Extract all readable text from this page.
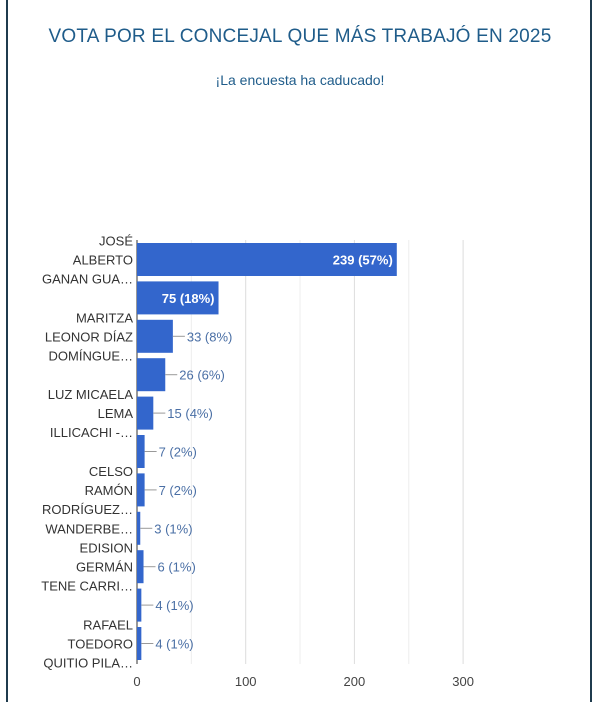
VOTA POR EL CONCEJAL QUE MÁS TRABAJÓ EN 2025
¡La encuesta ha caducado!
0	100	200	300
239 (57%)
JOSÉ
ALBERTO
GANAN GUA…
75 (18%)
33 (8%)
MARITZA
LEONOR DÍAZ
DOMÍNGUE…
26 (6%)
15 (4%)
LUZ MICAELA
LEMA
ILLICACHI -…
7 (2%)
7 (2%)
CELSO
RAMÓN
RODRÍGUEZ…
3 (1%)
WANDERBE…
6 (1%)
EDISION
GERMÁN
TENE CARRI…
4 (1%)
4 (1%)
RAFAEL
TOEDORO
QUITIO PILA…
